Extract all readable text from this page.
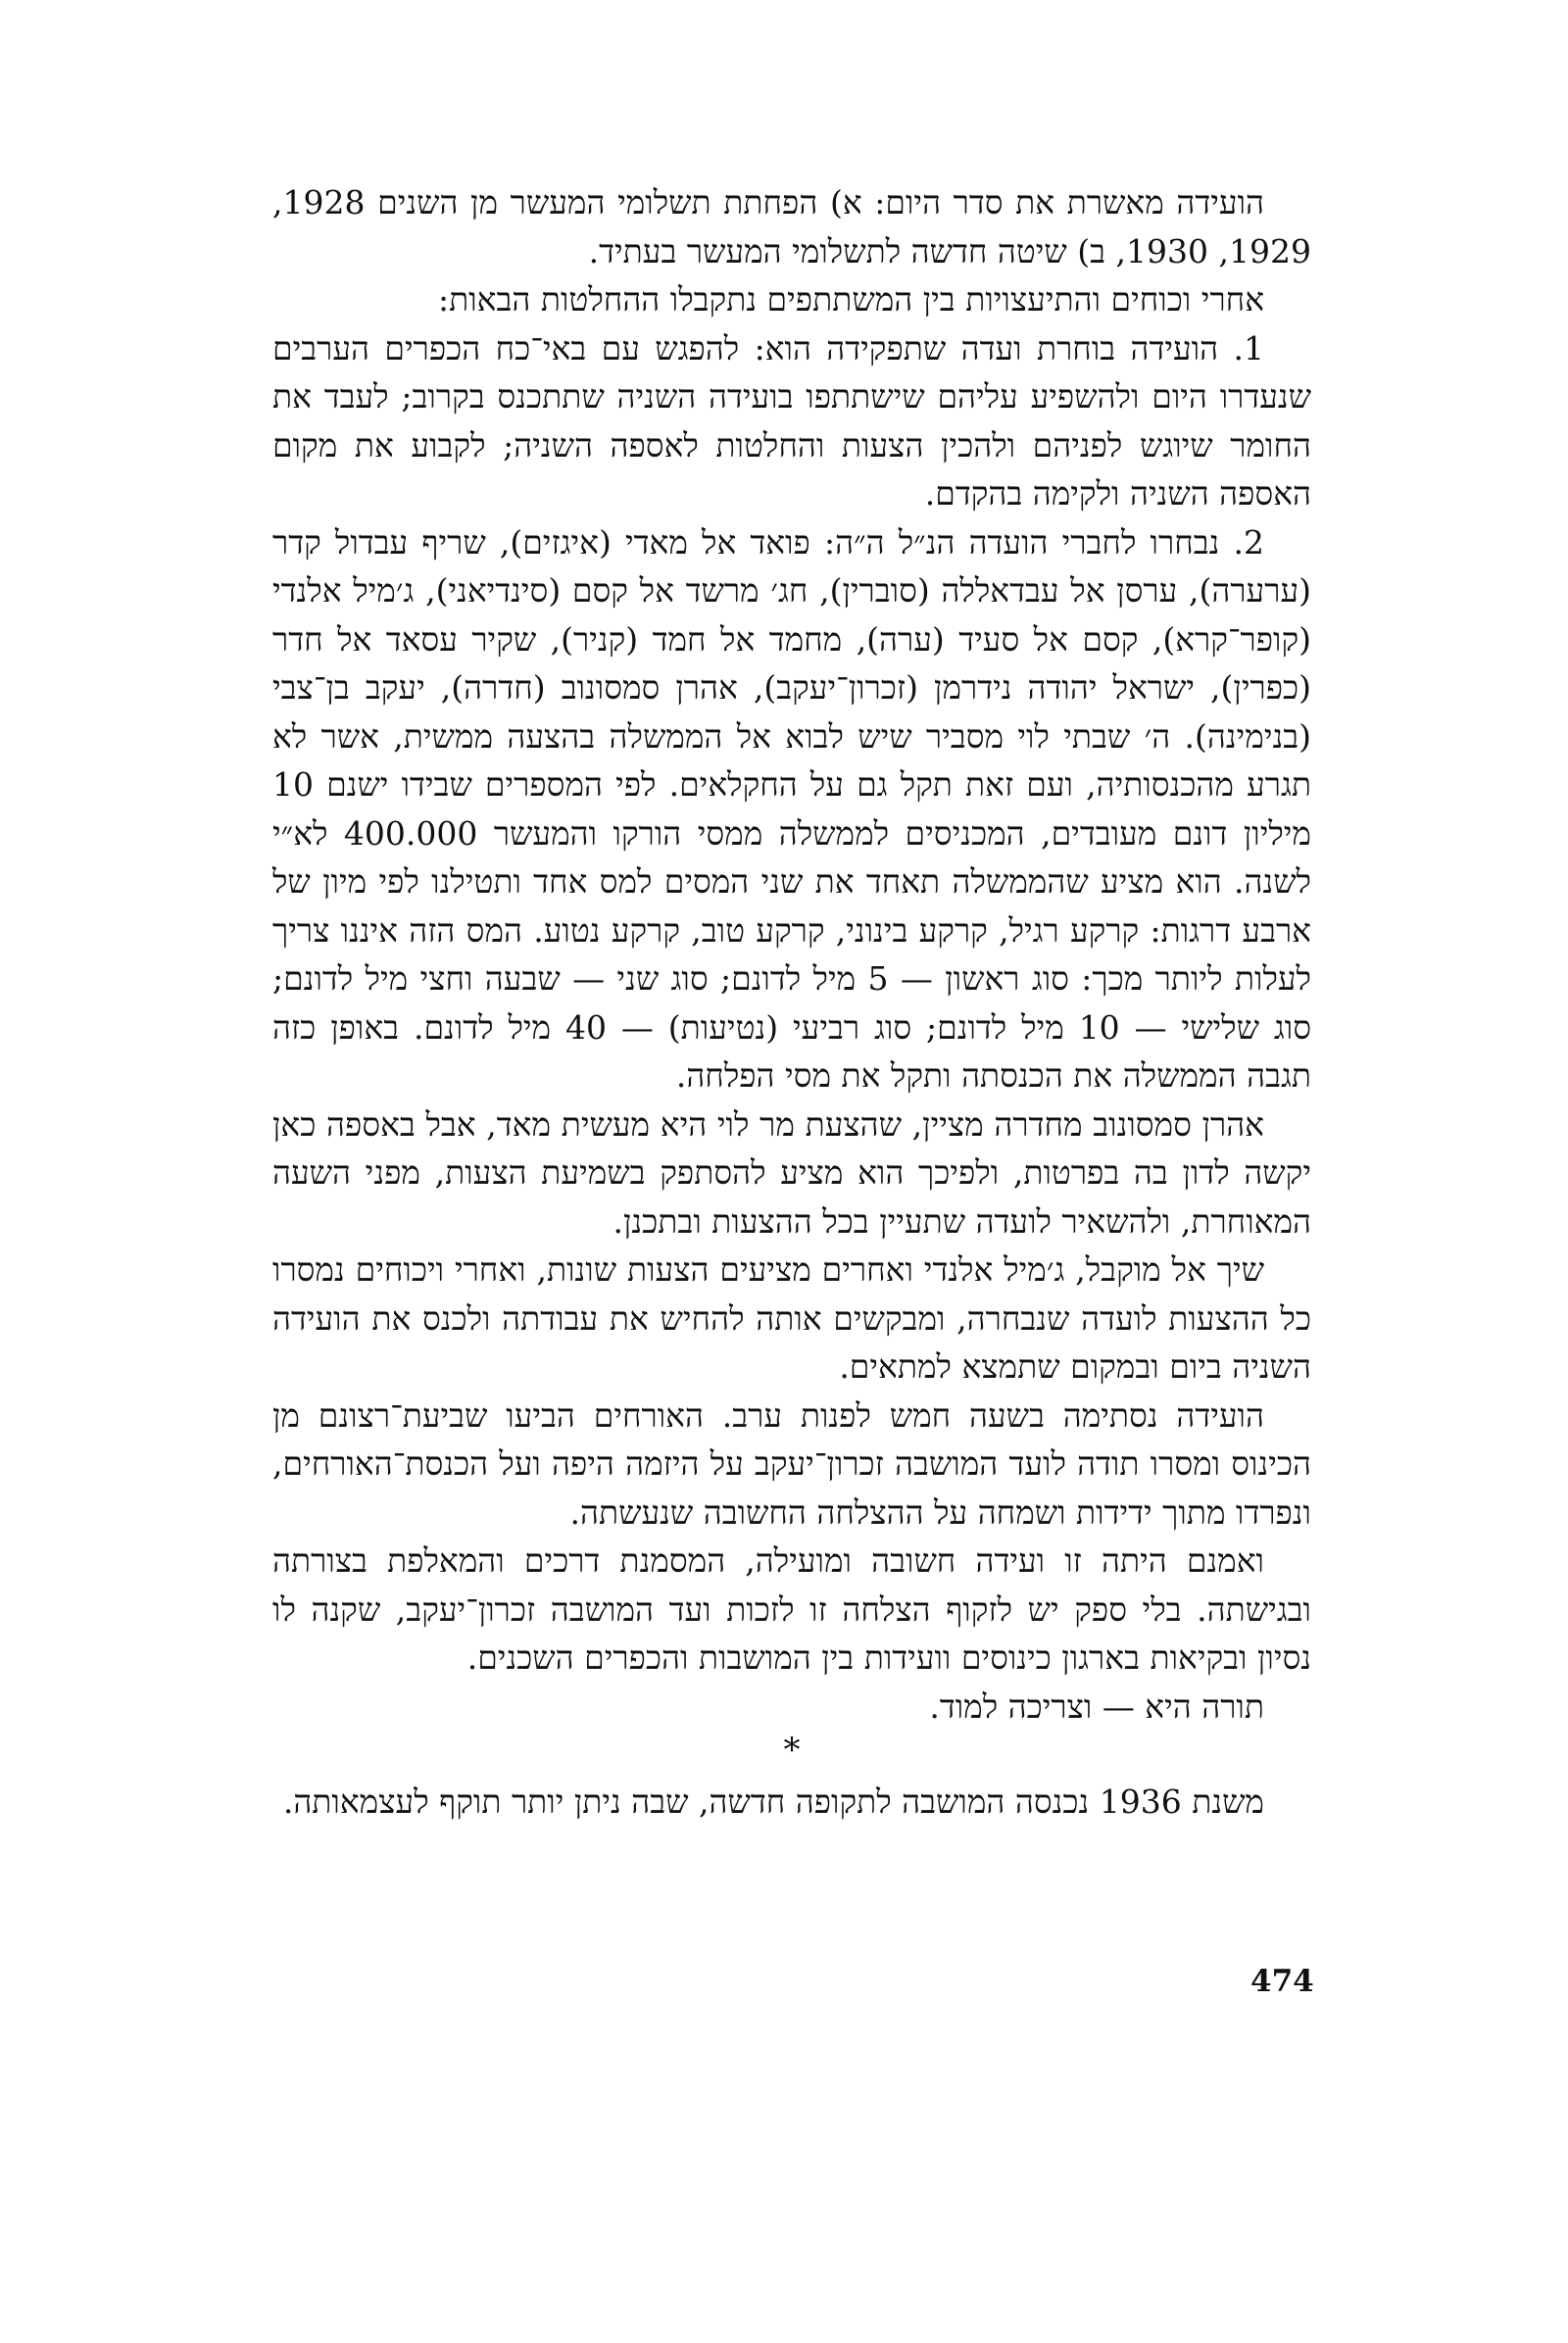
הועידה מאשרת את סדר היום: א) הפחתת תשלומי המעשר מן השנים 1928, 1929, 1930, ב) שיטה חדשה לתשלומי המעשר בעתיד.

אחרי וכוחים והתיעצויות בין המשתתפים נתקבלו ההחלטות הבאות:

1. הועידה בוחרת ועדה שתפקידה הוא: להפגש עם באי־כח הכפרים הערבים שנעדרו היום ולהשפיע עליהם שישתתפו בועידה השניה שתתכנס בקרוב; לעבד את החומר שיוגש לפניהם ולהכין הצעות והחלטות לאספה השניה; לקבוע את מקום האספה השניה ולקימה בהקדם.

2. נבחרו לחברי הועדה הנ״ל ה״ה: פואד אל מאדי (איגזים), שריף עבדול קדר (ערערה), ערסן אל עבדאללה (סוברין), חג׳ מרשד אל קסם (סינדיאני), ג׳מיל אלנדי (קופר־קרא), קסם אל סעיד (ערה), מחמד אל חמד (קניר), שקיר עסאד אל חדר (כפרין), ישראל יהודה נידרמן (זכרון־יעקב), אהרן סמסונוב (חדרה), יעקב בן־צבי (בנימינה). ה׳ שבתי לוי מסביר שיש לבוא אל הממשלה בהצעה ממשית, אשר לא תגרע מהכנסותיה, ועם זאת תקל גם על החקלאים. לפי המספרים שבידו ישנם 10 מיליון דונם מעובדים, המכניסים לממשלה ממסי הורקו והמעשר 400.000 לא״י לשנה. הוא מציע שהממשלה תאחד את שני המסים למס אחד ותטילנו לפי מיון של ארבע דרגות: קרקע רגיל, קרקע בינוני, קרקע טוב, קרקע נטוע. המס הזה איננו צריך לעלות ליותר מכך: סוג ראשון — 5 מיל לדונם; סוג שני — שבעה וחצי מיל לדונם; סוג שלישי — 10 מיל לדונם; סוג רביעי (נטיעות) — 40 מיל לדונם. באופן כזה תגבה הממשלה את הכנסתה ותקל את מסי הפלחה.

אהרן סמסונוב מחדרה מציין, שהצעת מר לוי היא מעשית מאד, אבל באספה כאן יקשה לדון בה בפרטות, ולפיכך הוא מציע להסתפק בשמיעת הצעות, מפני השעה המאוחרת, ולהשאיר לועדה שתעיין בכל ההצעות ובתכנן.

שיך אל מוקבל, ג׳מיל אלנדי ואחרים מציעים הצעות שונות, ואחרי ויכוחים נמסרו כל ההצעות לועדה שנבחרה, ומבקשים אותה להחיש את עבודתה ולכנס את הועידה השניה ביום ובמקום שתמצא למתאים.

הועידה נסתימה בשעה חמש לפנות ערב. האורחים הביעו שביעת־רצונם מן הכינוס ומסרו תודה לועד המושבה זכרון־יעקב על היזמה היפה ועל הכנסת־האורחים, ונפרדו מתוך ידידות ושמחה על ההצלחה החשובה שנעשתה.

ואמנם היתה זו ועידה חשובה ומועילה, המסמנת דרכים והמאלפת בצורתה ובגישתה. בלי ספק יש לזקוף הצלחה זו לזכות ועד המושבה זכרון־יעקב, שקנה לו נסיון ובקיאות בארגון כינוסים וועידות בין המושבות והכפרים השכנים.

תורה היא — וצריכה למוד.

*

משנת 1936 נכנסה המושבה לתקופה חדשה, שבה ניתן יותר תוקף לעצמאותה.

474
